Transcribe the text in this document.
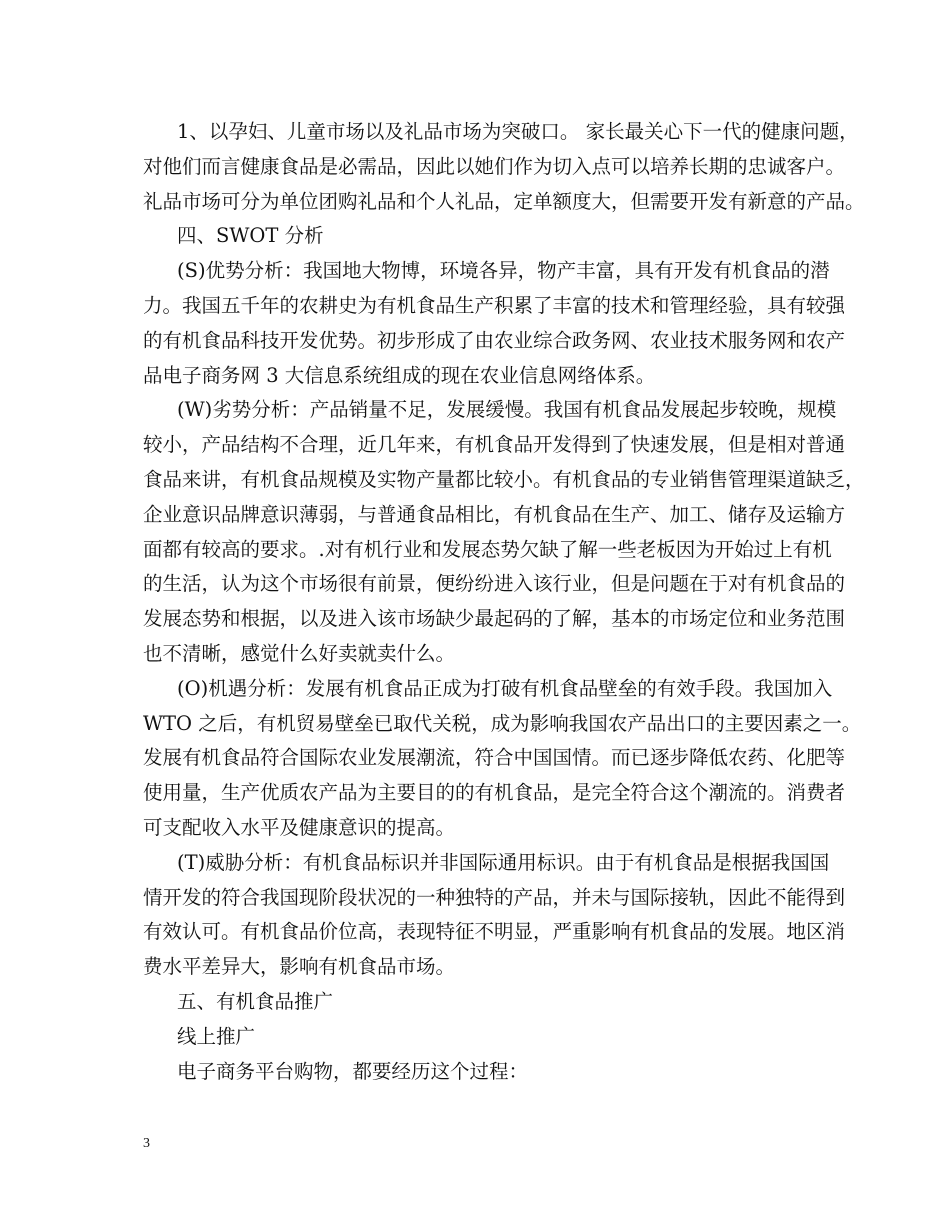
1、以孕妇、儿童市场以及礼品市场为突破口。 家长最关心下一代的健康问题，
对他们而言健康食品是必需品，因此以她们作为切入点可以培养长期的忠诚客户。
礼品市场可分为单位团购礼品和个人礼品，定单额度大，但需要开发有新意的产品。
四、SWOT 分析
(S)优势分析：我国地大物博，环境各异，物产丰富，具有开发有机食品的潜
力。我国五千年的农耕史为有机食品生产积累了丰富的技术和管理经验，具有较强
的有机食品科技开发优势。初步形成了由农业综合政务网、农业技术服务网和农产
品电子商务网 3 大信息系统组成的现在农业信息网络体系。
(W)劣势分析：产品销量不足，发展缓慢。我国有机食品发展起步较晚，规模
较小，产品结构不合理，近几年来，有机食品开发得到了快速发展，但是相对普通
食品来讲，有机食品规模及实物产量都比较小。有机食品的专业销售管理渠道缺乏，
企业意识品牌意识薄弱，与普通食品相比，有机食品在生产、加工、储存及运输方
面都有较高的要求。.对有机行业和发展态势欠缺了解一些老板因为开始过上有机
的生活，认为这个市场很有前景，便纷纷进入该行业，但是问题在于对有机食品的
发展态势和根据，以及进入该市场缺少最起码的了解，基本的市场定位和业务范围
也不清晰，感觉什么好卖就卖什么。
(O)机遇分析：发展有机食品正成为打破有机食品壁垒的有效手段。我国加入
WTO 之后，有机贸易壁垒已取代关税，成为影响我国农产品出口的主要因素之一。
发展有机食品符合国际农业发展潮流，符合中国国情。而已逐步降低农药、化肥等
使用量，生产优质农产品为主要目的的有机食品，是完全符合这个潮流的。消费者
可支配收入水平及健康意识的提高。
(T)威胁分析：有机食品标识并非国际通用标识。由于有机食品是根据我国国
情开发的符合我国现阶段状况的一种独特的产品，并未与国际接轨，因此不能得到
有效认可。有机食品价位高，表现特征不明显，严重影响有机食品的发展。地区消
费水平差异大，影响有机食品市场。
五、有机食品推广
线上推广
电子商务平台购物，都要经历这个过程：
3
